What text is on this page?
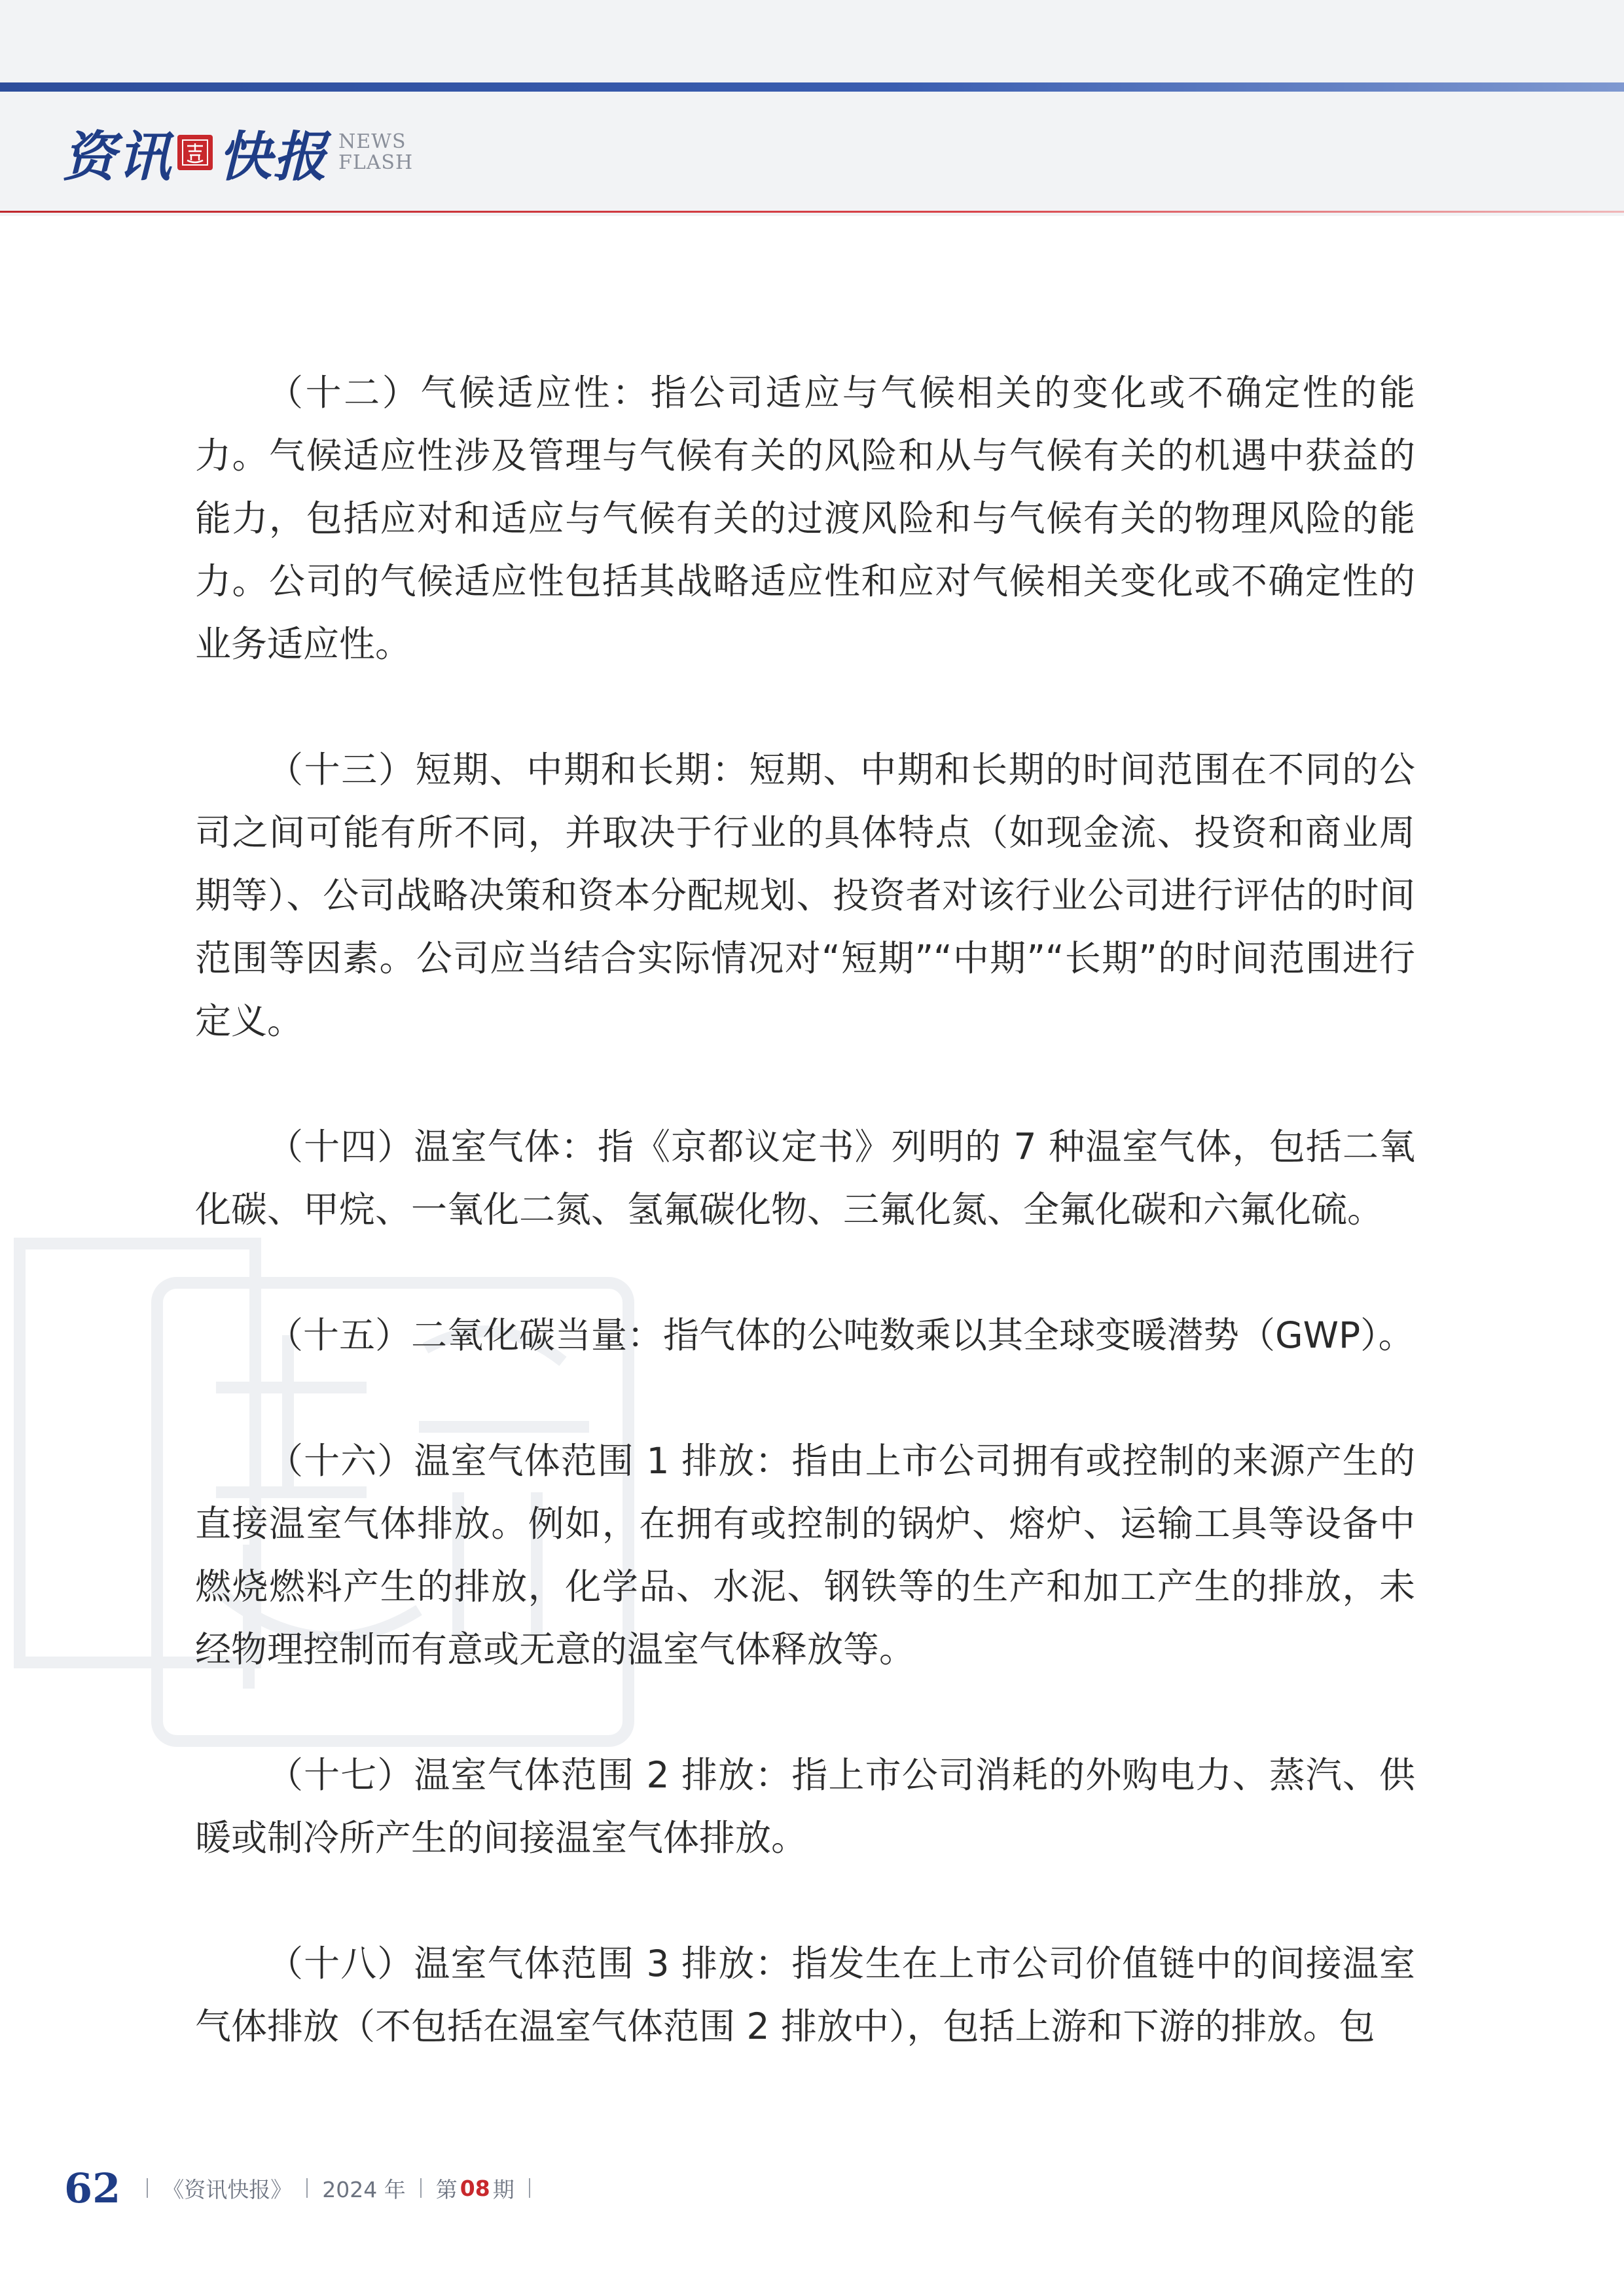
资讯 快报 NEWS
FLASH

（十二）气候适应性：指公司适应与气候相关的变化或不确定性的能力。气候适应性涉及管理与气候有关的风险和从与气候有关的机遇中获益的能力，包括应对和适应与气候有关的过渡风险和与气候有关的物理风险的能力。公司的气候适应性包括其战略适应性和应对气候相关变化或不确定性的业务适应性。

（十三）短期、中期和长期：短期、中期和长期的时间范围在不同的公司之间可能有所不同，并取决于行业的具体特点（如现金流、投资和商业周期等）、公司战略决策和资本分配规划、投资者对该行业公司进行评估的时间范围等因素。公司应当结合实际情况对“短期”“中期”“长期”的时间范围进行定义。

（十四）温室气体：指《京都议定书》列明的 7 种温室气体，包括二氧化碳、甲烷、一氧化二氮、氢氟碳化物、三氟化氮、全氟化碳和六氟化硫。

（十五）二氧化碳当量：指气体的公吨数乘以其全球变暖潜势（GWP）。

（十六）温室气体范围 1 排放：指由上市公司拥有或控制的来源产生的直接温室气体排放。例如，在拥有或控制的锅炉、熔炉、运输工具等设备中燃烧燃料产生的排放，化学品、水泥、钢铁等的生产和加工产生的排放，未经物理控制而有意或无意的温室气体释放等。

（十七）温室气体范围 2 排放：指上市公司消耗的外购电力、蒸汽、供暖或制冷所产生的间接温室气体排放。

（十八）温室气体范围 3 排放：指发生在上市公司价值链中的间接温室气体排放（不包括在温室气体范围 2 排放中），包括上游和下游的排放。包

62 《资讯快报》 2024 年 第 08 期
